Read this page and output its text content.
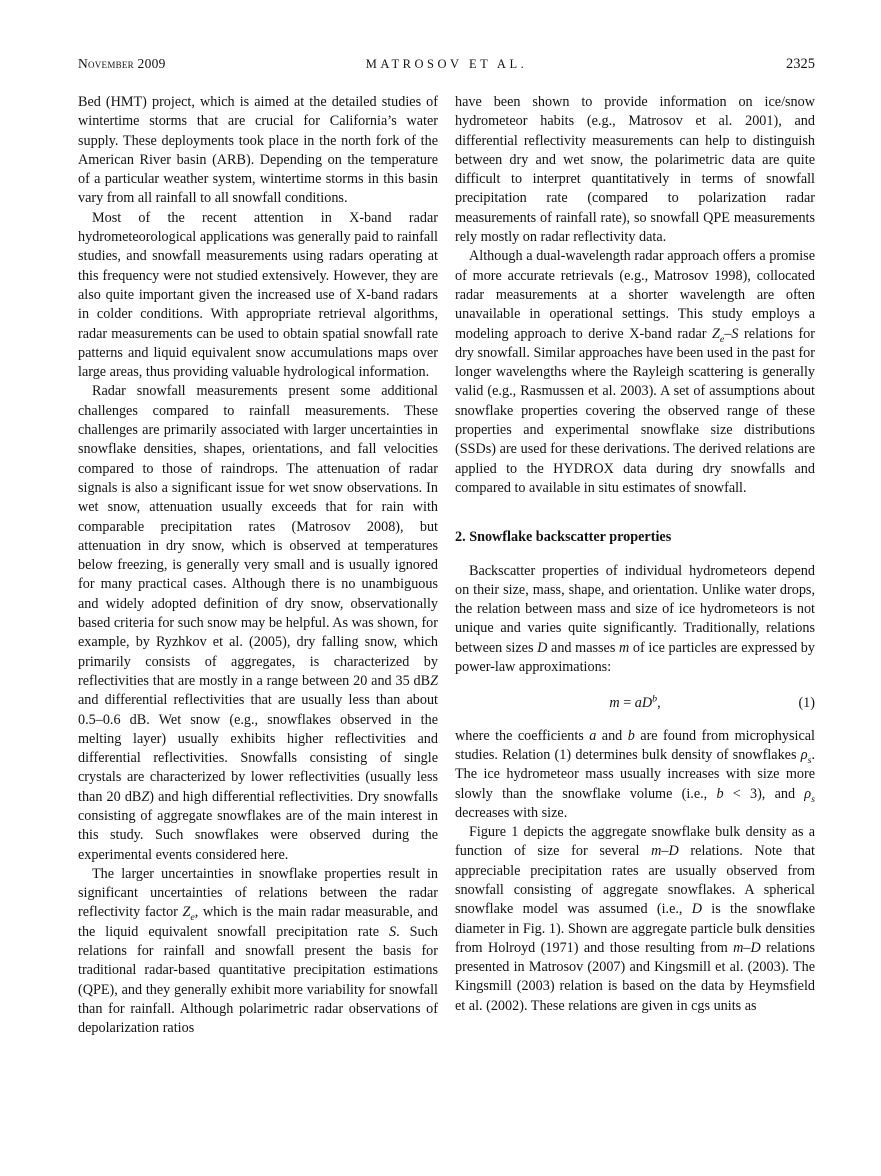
November 2009	MATROSOV ET AL.	2325

Bed (HMT) project, which is aimed at the detailed studies of wintertime storms that are crucial for California’s water supply. These deployments took place in the north fork of the American River basin (ARB). Depending on the temperature of a particular weather system, wintertime storms in this basin vary from all rainfall to all snowfall conditions.

Most of the recent attention in X-band radar hydrometeorological applications was generally paid to rainfall studies, and snowfall measurements using radars operating at this frequency were not studied extensively. However, they are also quite important given the increased use of X-band radars in colder conditions. With appropriate retrieval algorithms, radar measurements can be used to obtain spatial snowfall rate patterns and liquid equivalent snow accumulations maps over large areas, thus providing valuable hydrological information.

Radar snowfall measurements present some additional challenges compared to rainfall measurements. These challenges are primarily associated with larger uncertainties in snowflake densities, shapes, orientations, and fall velocities compared to those of raindrops. The attenuation of radar signals is also a significant issue for wet snow observations. In wet snow, attenuation usually exceeds that for rain with comparable precipitation rates (Matrosov 2008), but attenuation in dry snow, which is observed at temperatures below freezing, is generally very small and is usually ignored for many practical cases. Although there is no unambiguous and widely adopted definition of dry snow, observationally based criteria for such snow may be helpful. As was shown, for example, by Ryzhkov et al. (2005), dry falling snow, which primarily consists of aggregates, is characterized by reflectivities that are mostly in a range between 20 and 35 dBZ and differential reflectivities that are usually less than about 0.5–0.6 dB. Wet snow (e.g., snowflakes observed in the melting layer) usually exhibits higher reflectivities and differential reflectivities. Snowfalls consisting of single crystals are characterized by lower reflectivities (usually less than 20 dBZ) and high differential reflectivities. Dry snowfalls consisting of aggregate snowflakes are of the main interest in this study. Such snowflakes were observed during the experimental events considered here.

The larger uncertainties in snowflake properties result in significant uncertainties of relations between the radar reflectivity factor $Z_e$, which is the main radar measurable, and the liquid equivalent snowfall precipitation rate S. Such relations for rainfall and snowfall present the basis for traditional radar-based quantitative precipitation estimations (QPE), and they generally exhibit more variability for snowfall than for rainfall. Although polarimetric radar observations of depolarization ratios

have been shown to provide information on ice/snow hydrometeor habits (e.g., Matrosov et al. 2001), and differential reflectivity measurements can help to distinguish between dry and wet snow, the polarimetric data are quite difficult to interpret quantitatively in terms of snowfall precipitation rate (compared to polarization radar measurements of rainfall rate), so snowfall QPE measurements rely mostly on radar reflectivity data.

Although a dual-wavelength radar approach offers a promise of more accurate retrievals (e.g., Matrosov 1998), collocated radar measurements at a shorter wavelength are often unavailable in operational settings. This study employs a modeling approach to derive X-band radar $Z_e-S$ relations for dry snowfall. Similar approaches have been used in the past for longer wavelengths where the Rayleigh scattering is generally valid (e.g., Rasmussen et al. 2003). A set of assumptions about snowflake properties covering the observed range of these properties and experimental snowflake size distributions (SSDs) are used for these derivations. The derived relations are applied to the HYDROX data during dry snowfalls and compared to available in situ estimates of snowfall.

2. Snowflake backscatter properties

Backscatter properties of individual hydrometeors depend on their size, mass, shape, and orientation. Unlike water drops, the relation between mass and size of ice hydrometeors is not unique and varies quite significantly. Traditionally, relations between sizes D and masses m of ice particles are expressed by power-law approximations:

$m = aD^b$,	(1)

where the coefficients a and b are found from microphysical studies. Relation (1) determines bulk density of snowflakes $\rho_s$. The ice hydrometeor mass usually increases with size more slowly than the snowflake volume (i.e., b < 3), and $\rho_s$ decreases with size.

Figure 1 depicts the aggregate snowflake bulk density as a function of size for several m–D relations. Note that appreciable precipitation rates are usually observed from snowfall consisting of aggregate snowflakes. A spherical snowflake model was assumed (i.e., D is the snowflake diameter in Fig. 1). Shown are aggregate particle bulk densities from Holroyd (1971) and those resulting from m–D relations presented in Matrosov (2007) and Kingsmill et al. (2003). The Kingsmill (2003) relation is based on the data by Heymsfield et al. (2002). These relations are given in cgs units as
